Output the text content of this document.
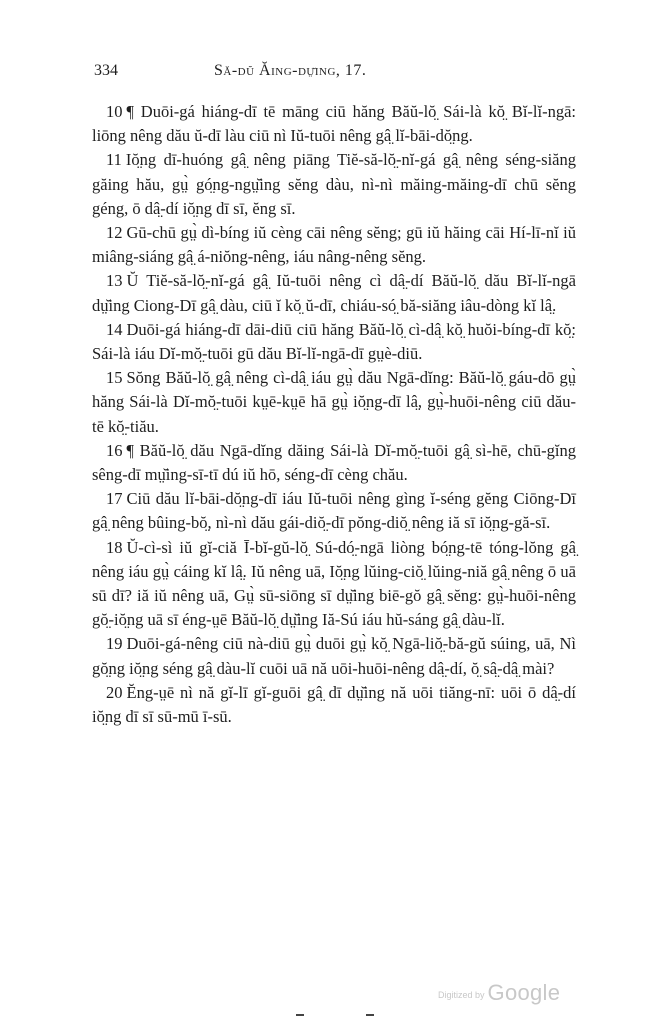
334	Să-dŭ Ăing-dṳ̆ing, 17.

10 ¶ Duōi-gá hiáng-dī tē māng ciū hăng Băŭ-lŏ̤ Sái-là kŏ̤ Bĭ-lĭ-ngā: liōng nêng dău ŭ-dī làu ciū nì Iŭ-tuōi nêng gâ̤ lĭ-bāi-dŏ̤ng.

11 Iŏ̤ng dī-huóng gâ̤ nêng piāng Tiĕ-să-lŏ̤-nĭ-gá gâ̤ nêng séng-siăng găing hău, gṳ̀ gó̤ng-ngṳ̆ing sĕng dàu, nì-nì măing-măing-dī chū sĕng géng, ō dâ̤-dí iŏ̤ng dī sī, ĕng sī.

12 Gū-chū gṳ̀ dì-bíng iŭ cèng cāi nêng sĕng; gū iŭ hăing cāi Hí-lī-nĭ iŭ miâng-siáng gâ̤ á-niŏng-nêng, iáu nâng-nêng sĕng.

13 Ŭ Tiĕ-să-lŏ̤-nĭ-gá gâ̤ Iŭ-tuōi nêng cì dâ̤-dí Băŭ-lŏ̤ dău Bĭ-lĭ-ngā dṳ̆ing Ciong-Dī gâ̤ dàu, ciū ĭ kŏ̤ ŭ-dī, chiáu-só̤ bă-siăng iâu-dòng kĭ lâ̤.

14 Duōi-gá hiáng-dī dāi-diū ciū hăng Băŭ-lŏ̤ cì-dâ̤ kŏ̤ huŏi-bíng-dī kŏ̤: Sái-là iáu Dĭ-mŏ̤-tuōi gū dău Bĭ-lĭ-ngā-dī gṳè-diū.

15 Sŏng Băŭ-lŏ̤ gâ̤ nêng cì-dâ̤ iáu gṳ̀ dău Ngā-dĭng: Băŭ-lŏ̤ gáu-dō gṳ̀ hăng Sái-là Dĭ-mŏ̤-tuōi kṳē-kṳē hā gṳ̀ iŏ̤ng-dī lâ̤, gṳ̀-huōi-nêng ciū dău-tē kŏ̤-tiău.

16 ¶ Băŭ-lŏ̤ dău Ngā-dĭng dăing Sái-là Dĭ-mŏ̤-tuōi gâ̤ sì-hē, chū-gĭng sêng-dī mṳ̆ing-sī-tī dú iŭ hō, séng-dī cèng chău.

17 Ciū dău lĭ-bāi-dŏ̤ng-dī iáu Iŭ-tuōi nêng gìng ĭ-séng gĕng Ciōng-Dī gâ̤ nêng bûing-bŏ̤, nì-nì dău gái-diŏ̤-dī pŏng-diŏ̤ nêng iă sī iŏ̤ng-gă-sī.

18 Ŭ-cì-sì iŭ gĭ-ciă Ī-bĭ-gŭ-lŏ̤ Sú-dó̤-ngā liòng bó̤ng-tē tóng-lŏng gâ̤ nêng iáu gṳ̀ cáing kĭ lâ̤. Iŭ nêng uā, Iŏ̤ng lŭing-ciŏ̤ lŭing-niă gâ̤ nêng ō uā sū dī? iă iŭ nêng uā, Gṳ̀ sū-siōng sī dṳ̆ing biē-gŏ gâ̤ sĕng: gṳ̀-huōi-nêng gŏ̤-iŏ̤ng uā sī éng-ṳē Băŭ-lŏ̤ dṳ̆ing Iă-Sú iáu hŭ-sáng gâ̤ dàu-lĭ.

19 Duōi-gá-nêng ciū nà-diū gṳ̀ duōi gṳ̀ kŏ̤ Ngā-liŏ̤-bă-gŭ súing, uā, Nì gŏ̤ng iŏ̤ng séng gâ̤ dàu-lĭ cuōi uā nă uōi-huōi-nêng dâ̤-dí, ŏ̤ sâ̤-dâ̤ mài?

20 Ĕng-ṳē nì nă gĭ-lī gĭ-guōi gâ̤ dī dṳ̆ing nă uōi tiăng-nī: uōi ō dâ̤-dí iŏ̤ng dī sī sū-mū ī-sū.

Digitized by Google
